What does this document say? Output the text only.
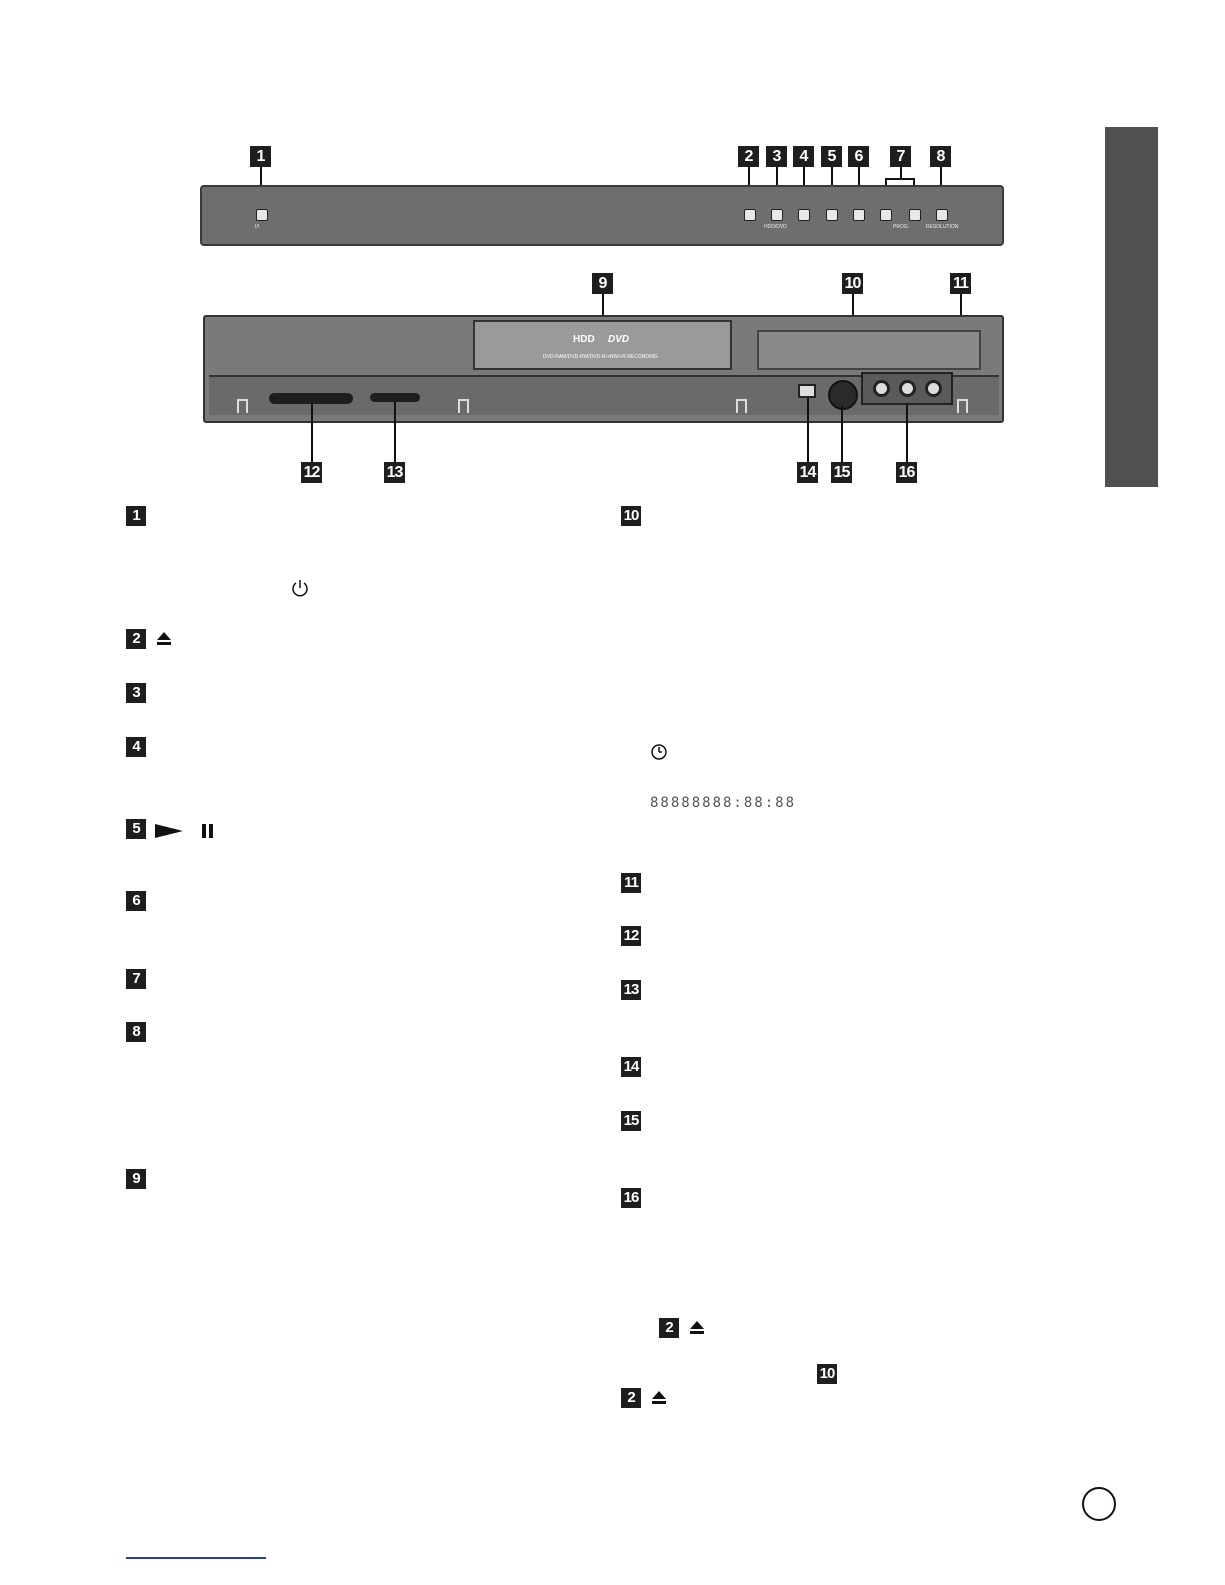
1	2	3	4	5	6	7	8
I/I	HDD/DVD	PROG.	RESOLUTION
9	10	11
HDD DVD
DVD-RAM/DVD-RW/DVD-R/+RW/+R RECORDING
12	13	14 15	16
1
2
3
4
5
6
7
8
9
10
88888888:88:88
11
12
13
14
15
16
2
10
2
